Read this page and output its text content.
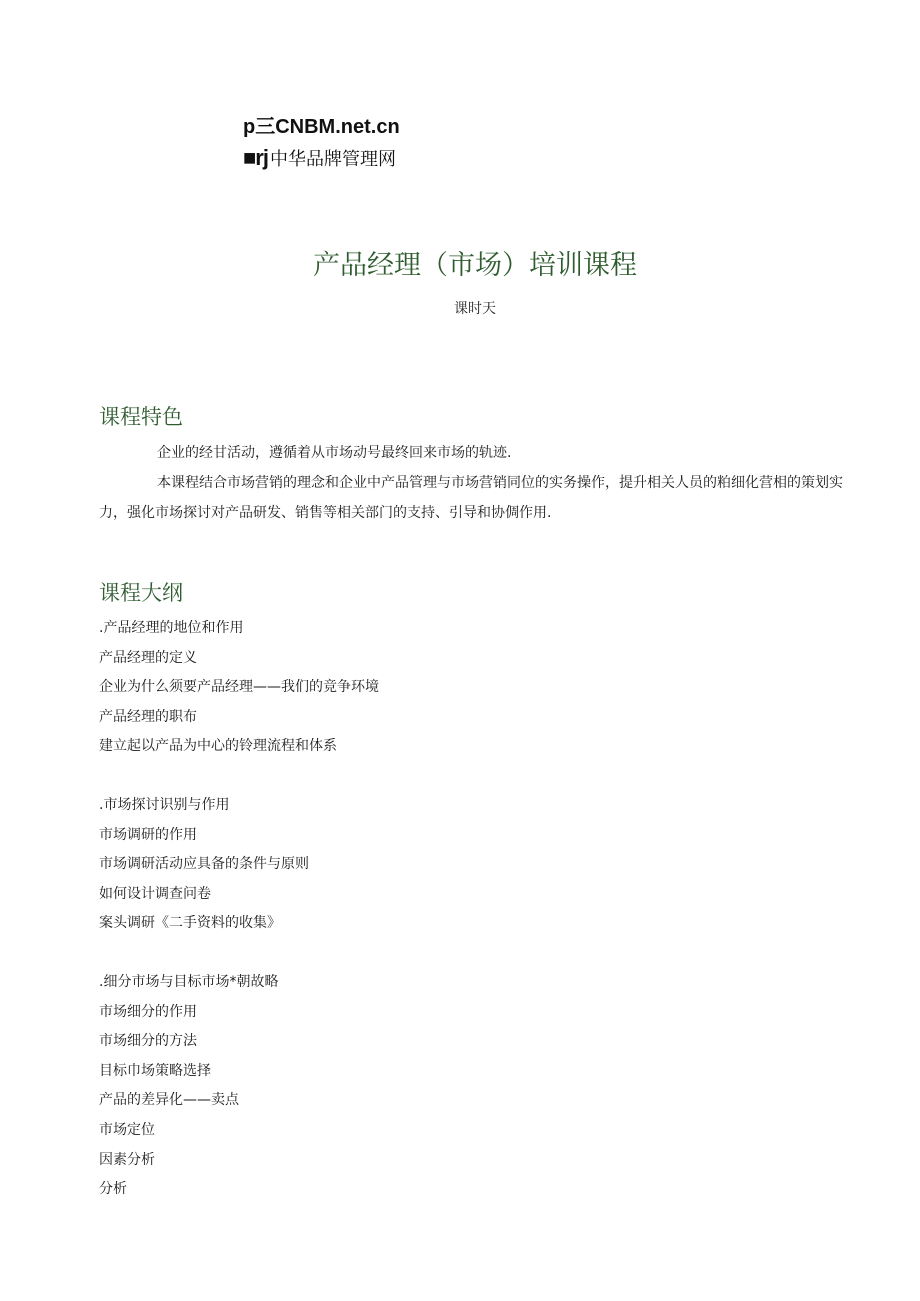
p三CNBM.net.cn
■rj 中华品牌管理网
产品经理（市场）培训课程
课时天
课程特色
企业的经甘活动，遵循着从市场动号最终回来市场的轨迹.
本课程结合市场营销的理念和企业中产品管理与市场营销同位的实务操作，提升相关人员的粕细化营相的策划实力，强化市场探讨对产品研发、销售等相关部门的支持、引导和协倜作用.
课程大纲
.产品经理的地位和作用
产品经理的定义
企业为什么须要产品经理——我们的竞争环境
产品经理的职布
建立起以产品为中心的铃理流程和体系
.市场探讨识别与作用
市场调研的作用
市场调研活动应具备的条件与原则
如何设计调查问卷
案头调研《二手资料的收集》
.细分市场与目标市场*朝故略
市场细分的作用
市场细分的方法
目标巾场策略选择
产品的差异化——卖点
市场定位
因素分析
分析
